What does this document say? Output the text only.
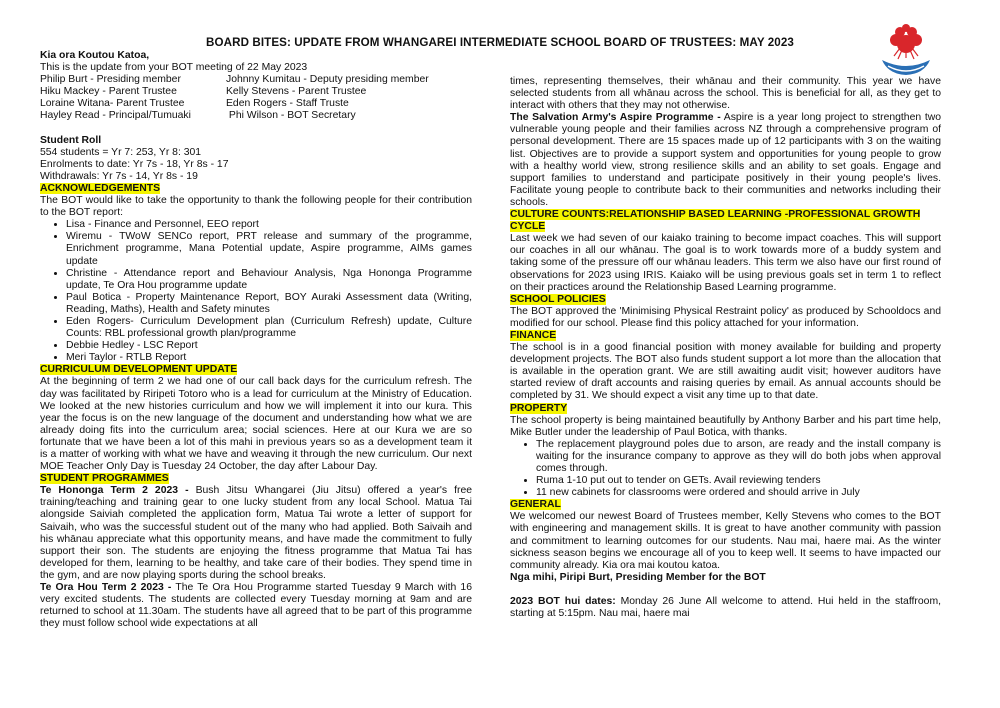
BOARD BITES: UPDATE FROM WHANGAREI INTERMEDIATE SCHOOL BOARD OF TRUSTEES: MAY 2023

Kia ora Koutou Katoa,

This is the update from your BOT meeting of 22 May 2023

Philip Burt - Presiding member	Johnny Kumitau - Deputy presiding member
Hiku Mackey - Parent Trustee	Kelly Stevens - Parent Trustee
Loraine Witana- Parent Trustee	Eden Rogers - Staff Truste
Hayley Read - Principal/Tumuaki	Phi Wilson - BOT Secretary

Student Roll

554 students = Yr 7: 253, Yr 8: 301

Enrolments to date: Yr 7s - 18, Yr 8s - 17

Withdrawals: Yr 7s - 14, Yr 8s - 19

ACKNOWLEDGEMENTS

The BOT would like to take the opportunity to thank the following people for their contribution to the BOT report:

• Lisa - Finance and Personnel, EEO report
• Wiremu - TWoW SENCo report, PRT release and summary of the programme, Enrichment programme, Mana Potential update, Aspire programme, AIMs games update
• Christine - Attendance report and Behaviour Analysis, Nga Hononga Programme update, Te Ora Hou programme update
• Paul Botica - Property Maintenance Report, BOY Auraki Assessment data (Writing, Reading, Maths), Health and Safety minutes
• Eden Rogers- Curriculum Development plan (Curriculum Refresh) update, Culture Counts: RBL professional growth plan/programme
• Debbie Hedley - LSC Report
• Meri Taylor - RTLB Report

CURRICULUM DEVELOPMENT UPDATE

At the beginning of term 2 we had one of our call back days for the curriculum refresh. The day was facilitated by Riripeti Totoro who is a lead for curriculum at the Ministry of Education. We looked at the new histories curriculum and how we will implement it into our kura. This year the focus is on the new language of the document and understanding how what we are already doing fits into the curriculum area; social sciences. Here at our Kura we are so fortunate that we have been a lot of this mahi in previous years so as a development team it is a matter of working with what we have and weaving it through the new curriculum. Our next MOE Teacher Only Day is Tuesday 24 October, the day after Labour Day.

STUDENT PROGRAMMES

Te Hononga Term 2 2023 - Bush Jitsu Whangarei (Jiu Jitsu) offered a year's free training/teaching and training gear to one lucky student from any local School. Matua Tai alongside Saiviah completed the application form, Matua Tai wrote a letter of support for Saivaih, who was the successful student out of the many who had applied. Both Saivaih and his whānau appreciate what this opportunity means, and have made the commitment to fully support their son. The students are enjoying the fitness programme that Matua Tai has developed for them, learning to be healthy, and take care of their bodies. They spend time in the gym, and are now playing sports during the school breaks.

Te Ora Hou Term 2 2023 - The Te Ora Hou Programme started Tuesday 9 March with 16 very excited students. The students are collected every Tuesday morning at 9am and are returned to school at 11.30am. The students have all agreed that to be part of this programme they must follow school wide expectations at all

times, representing themselves, their whānau and their community. This year we have selected students from all whānau across the school. This is beneficial for all, as they get to interact with others that they may not otherwise.

The Salvation Army's Aspire Programme - Aspire is a year long project to strengthen two vulnerable young people and their families across NZ through a comprehensive program of personal development. There are 15 spaces made up of 12 participants with 3 on the waiting list. Objectives are to provide a support system and opportunities for young people to grow with a healthy world view, strong resilience skills and an ability to set goals. Engage and support families to understand and participate positively in their young people's lives. Facilitate young people to contribute back to their communities and networks including their schools.

CULTURE COUNTS:RELATIONSHIP BASED LEARNING -PROFESSIONAL GROWTH CYCLE

Last week we had seven of our kaiako training to become impact coaches. This will support our coaches in all our whānau. The goal is to work towards more of a buddy system and taking some of the pressure off our whānau leaders. This term we also have our first round of observations for 2023 using IRIS. Kaiako will be using previous goals set in term 1 to reflect on their practices around the Relationship Based Learning programme.

SCHOOL POLICIES

The BOT approved the 'Minimising Physical Restraint policy' as produced by Schooldocs and modified for our school. Please find this policy attached for your information.

FINANCE

The school is in a good financial position with money available for building and property development projects. The BOT also funds student support a lot more than the allocation that is available in the operation grant. We are still awaiting audit visit; however auditors have started review of draft accounts and raising queries by email. As annual accounts should be completed by 31. We should expect a visit any time up to that date.

PROPERTY

The school property is being maintained beautifully by Anthony Barber and his part time help, Mike Butler under the leadership of Paul Botica, with thanks.

• The replacement playground poles due to arson, are ready and the install company is waiting for the insurance company to approve as they will do both jobs when approval comes through.
• Ruma 1-10 put out to tender on GETs. Avail reviewing tenders
• 11 new cabinets for classrooms were ordered and should arrive in July

GENERAL

We welcomed our newest Board of Trustees member, Kelly Stevens who comes to the BOT with engineering and management skills. It is great to have another community with passion and commitment to learning outcomes for our students. Nau mai, haere mai. As the winter sickness season begins we encourage all of you to keep well. It seems to have impacted our community already. Kia ora mai koutou katoa.

Nga mihi, Piripi Burt, Presiding Member for the BOT

2023 BOT hui dates: Monday 26 June All welcome to attend. Hui held in the staffroom, starting at 5:15pm. Nau mai, haere mai
